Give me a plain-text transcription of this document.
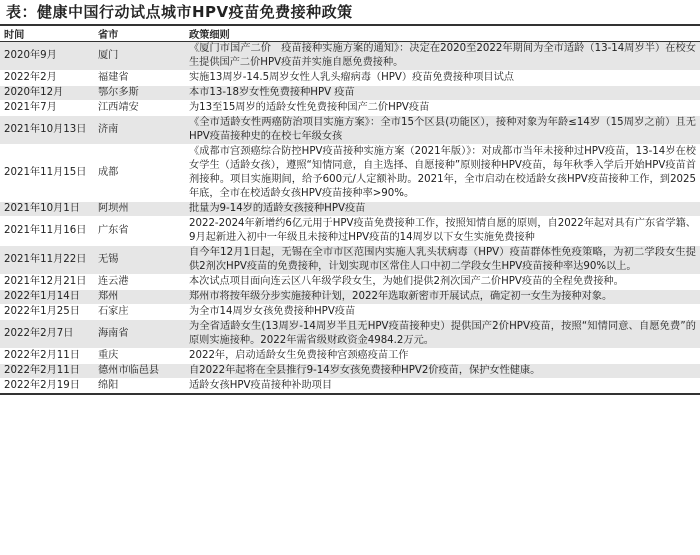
表：健康中国行动试点城市HPV疫苗免费接种政策
时间	省市	政策细则
2020年9月	厦门	《厦门市国产二价　疫苗接种实施方案的通知》：决定在2020至2022年期间为全市适龄（13-14周岁半）在校女生提供国产二价HPV疫苗并实施自愿免费接种。
2022年2月	福建省	实施13周岁-14.5周岁女性人乳头瘤病毒（HPV）疫苗免费接种项目试点
2020年12月	鄂尔多斯	本市13-18岁女性免费接种HPV 疫苗
2021年7月	江西靖安	为13至15周岁的适龄女性免费接种国产二价HPV疫苗
2021年10月13日	济南	《全市适龄女性两癌防治项目实施方案》：全市15个区县(功能区），接种对象为年龄≤14岁（15周岁之前）且无HPV疫苗接种史的在校七年级女孩
2021年11月15日	成都	《成都市宫颈癌综合防控HPV疫苗接种实施方案（2021年版）》：对成都市当年未接种过HPV疫苗，13-14岁在校女学生（适龄女孩），遵照“知情同意，自主选择、自愿接种”原则接种HPV疫苗，每年秋季入学后开始HPV疫苗首剂接种。项目实施期间，给予600元/人定额补助。2021年，全市启动在校适龄女孩HPV疫苗接种工作，到2025年底，全市在校适龄女孩HPV疫苗接种率>90%。
2021年10月1日	阿坝州	批量为9-14岁的适龄女孩接种HPV疫苗
2021年11月16日	广东省	2022-2024年新增约6亿元用于HPV疫苗免费接种工作，按照知情自愿的原则，自2022年起对具有广东省学籍、9月起新进入初中一年级且未接种过HPV疫苗的14周岁以下女生实施免费接种
2021年11月22日	无锡	自今年12月1日起，无锡在全市市区范围内实施人乳头状病毒（HPV）疫苗群体性免疫策略，为初二学段女生提供2剂次HPV疫苗的免费接种，计划实现市区常住人口中初二学段女生HPV疫苗接种率达90%以上。
2021年12月21日	连云港	本次试点项目面向连云区八年级学段女生，为她们提供2剂次国产二价HPV疫苗的全程免费接种。
2022年1月14日	郑州	郑州市将按年级分步实施接种计划，2022年选取新密市开展试点，确定初一女生为接种对象。
2022年1月25日	石家庄	为全市14周岁女孩免费接种HPV疫苗
2022年2月7日	海南省	为全省适龄女生(13周岁-14周岁半且无HPV疫苗接种史）提供国产2价HPV疫苗，按照“知情同意、自愿免费”的原则实施接种。2022年需省级财政资金4984.2万元。
2022年2月11日	重庆	2022年，启动适龄女生免费接种宫颈癌疫苗工作
2022年2月11日	德州市临邑县	自2022年起将在全县推行9-14岁女孩免费接种HPV2价疫苗，保护女性健康。
2022年2月19日	绵阳	适龄女孩HPV疫苗接种补助项目
